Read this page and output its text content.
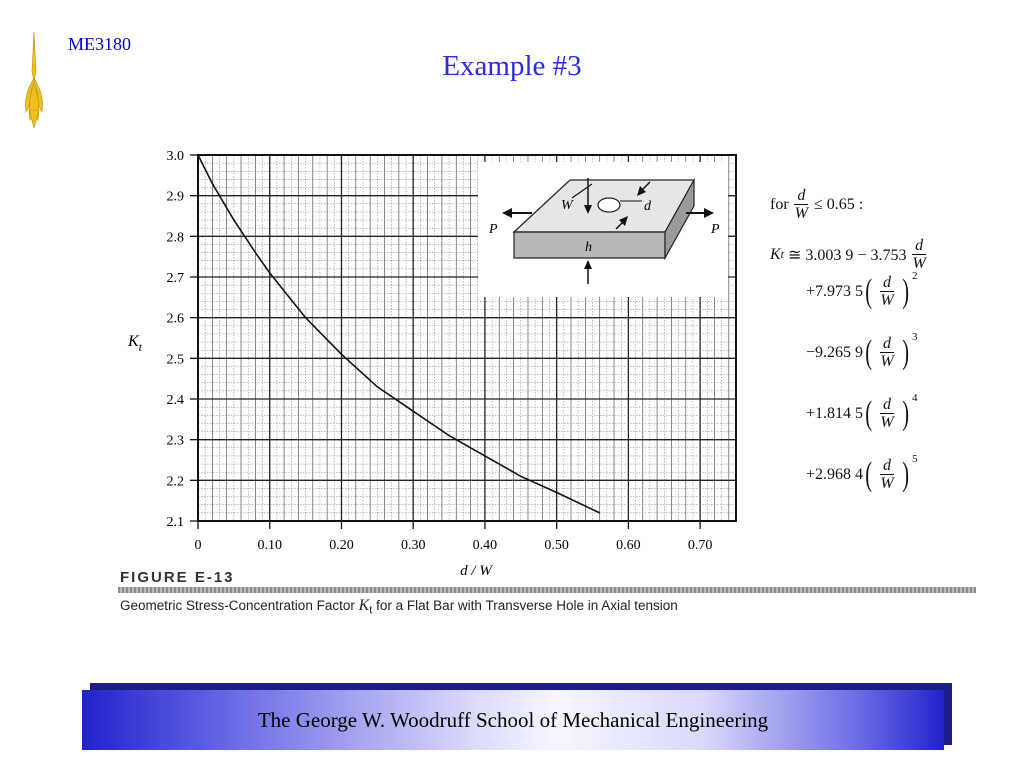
ME3180
Example #3
P	P
W	d
h
3.0
2.9
2.8
2.7
2.6
2.5
2.4
2.3
2.2
2.1
0	0.10	0.20	0.30	0.40	0.50	0.60	0.70
$K_t$
d / W
FIGURE E-13
Geometric Stress-Concentration Factor $K_t$ for a Flat Bar with Transverse Hole in Axial tension
for $\frac{d}{W} \le 0.65$ :
K t
≅ 3.003 $9 - 3.753 \frac{d}{W}$
+7.973 5 ( $\frac{d}{W}$ ) 2
−9.265 9 ( $\frac{d}{W}$ ) 3
+1.814 5 ( $\frac{d}{W}$ ) 4
+2.968 4 ( $\frac{d}{W}$ ) 5
The George W. Woodruff School of Mechanical Engineering
